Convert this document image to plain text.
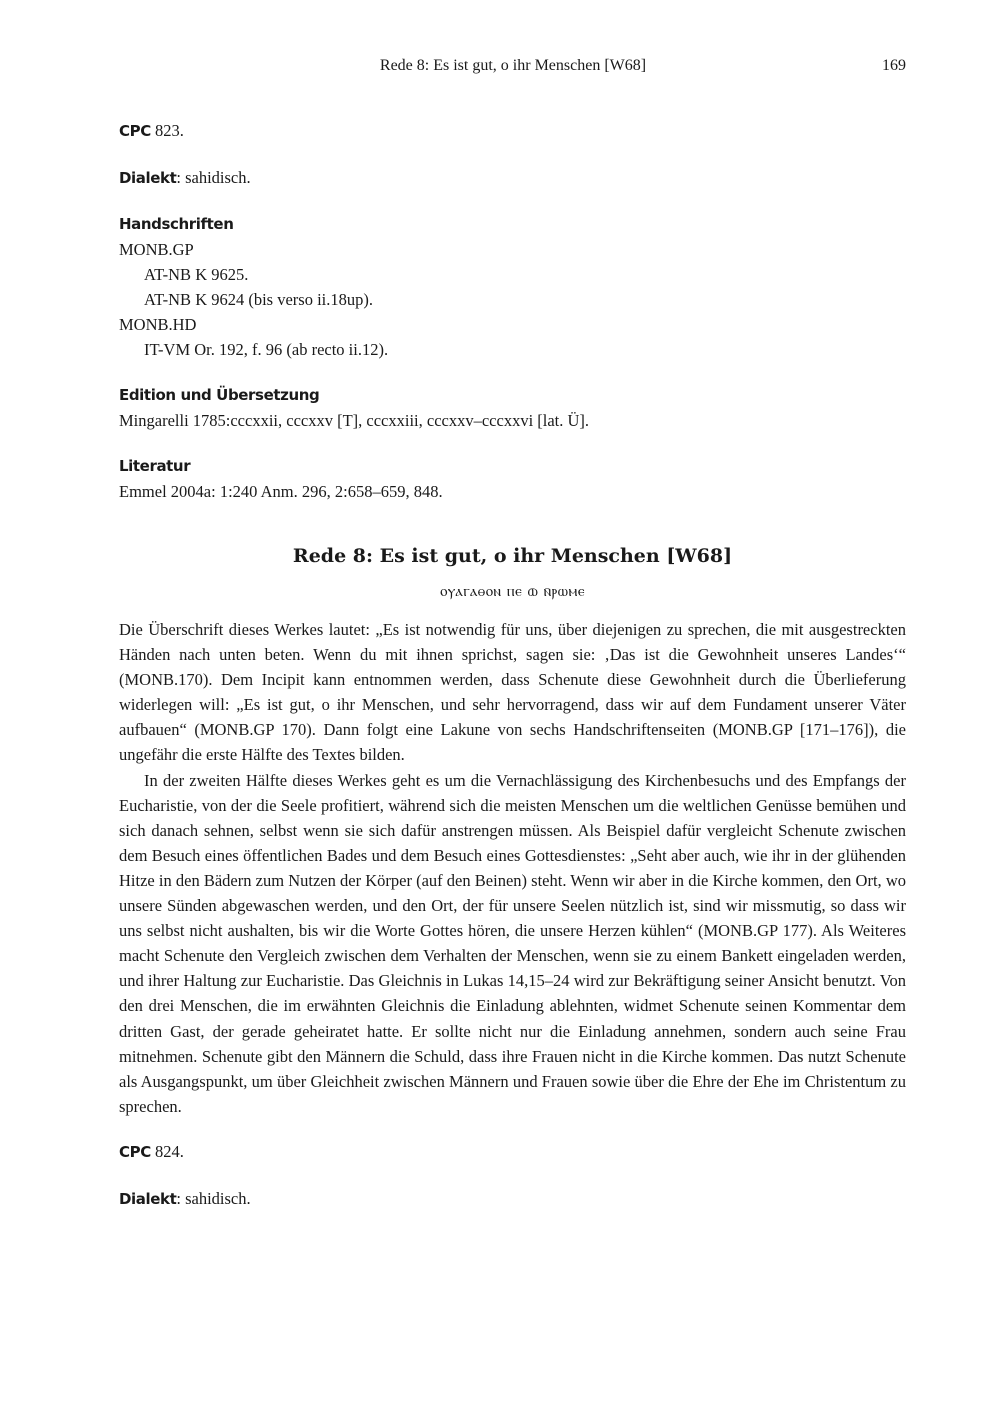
Rede 8: Es ist gut, o ihr Menschen [W68]	169

CPC 823.

Dialekt: sahidisch.

Handschriften

MONB.GP

AT-NB K 9625.

AT-NB K 9624 (bis verso ii.18up).

MONB.HD

IT-VM Or. 192, f. 96 (ab recto ii.12).

Edition und Übersetzung

Mingarelli 1785:cccxxii, cccxxv [T], cccxxiii, cccxxv–cccxxvi [lat. Ü].

Literatur

Emmel 2004a: 1:240 Anm. 296, 2:658–659, 848.

Rede 8: Es ist gut, o ihr Menschen [W68]

ⲟⲩⲁⲅⲁⲑⲟⲛ ⲡⲉ ⲱ̄ ⲛ̄ⲣⲱⲙⲉ

Die Überschrift dieses Werkes lautet: „Es ist notwendig für uns, über diejenigen zu sprechen, die mit ausgestreckten Händen nach unten beten. Wenn du mit ihnen sprichst, sagen sie: ‚Das ist die Gewohnheit unseres Landes‘“ (MONB.170). Dem Incipit kann entnommen werden, dass Schenute diese Gewohnheit durch die Überlieferung widerlegen will: „Es ist gut, o ihr Menschen, und sehr hervorragend, dass wir auf dem Fundament unserer Väter aufbauen“ (MONB.GP 170). Dann folgt eine Lakune von sechs Handschriftenseiten (MONB.GP [171–176]), die ungefähr die erste Hälfte des Textes bilden.

In der zweiten Hälfte dieses Werkes geht es um die Vernachlässigung des Kirchenbesuchs und des Empfangs der Eucharistie, von der die Seele profitiert, während sich die meisten Menschen um die weltlichen Genüsse bemühen und sich danach sehnen, selbst wenn sie sich dafür anstrengen müssen. Als Beispiel dafür vergleicht Schenute zwischen dem Besuch eines öffentlichen Bades und dem Besuch eines Gottesdienstes: „Seht aber auch, wie ihr in der glühenden Hitze in den Bädern zum Nutzen der Körper (auf den Beinen) steht. Wenn wir aber in die Kirche kommen, den Ort, wo unsere Sünden abgewaschen werden, und den Ort, der für unsere Seelen nützlich ist, sind wir missmutig, so dass wir uns selbst nicht aushalten, bis wir die Worte Gottes hören, die unsere Herzen kühlen“ (MONB.GP 177). Als Weiteres macht Schenute den Vergleich zwischen dem Verhalten der Menschen, wenn sie zu einem Bankett eingeladen werden, und ihrer Haltung zur Eucharistie. Das Gleichnis in Lukas 14,15–24 wird zur Bekräftigung seiner Ansicht benutzt. Von den drei Menschen, die im erwähnten Gleichnis die Einladung ablehnten, widmet Schenute seinen Kommentar dem dritten Gast, der gerade geheiratet hatte. Er sollte nicht nur die Einladung annehmen, sondern auch seine Frau mitnehmen. Schenute gibt den Männern die Schuld, dass ihre Frauen nicht in die Kirche kommen. Das nutzt Schenute als Ausgangspunkt, um über Gleichheit zwischen Männern und Frauen sowie über die Ehre der Ehe im Christentum zu sprechen.

CPC 824.

Dialekt: sahidisch.
